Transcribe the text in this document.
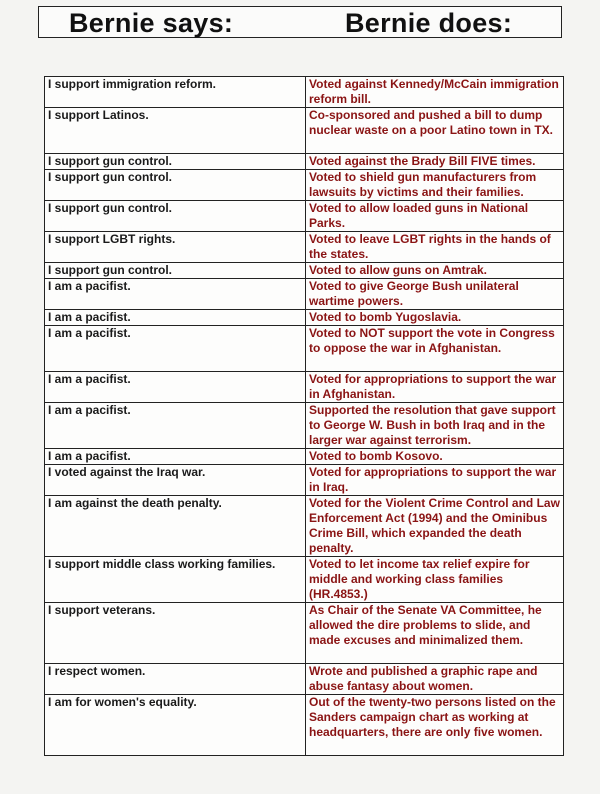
Bernie says:	Bernie does:
I support immigration reform.	Voted against Kennedy/McCain immigration reform bill.
I support Latinos.	Co-sponsored and pushed a bill to dump nuclear waste on a poor Latino town in TX.
I support gun control.	Voted against the Brady Bill FIVE times.
I support gun control.	Voted to shield gun manufacturers from lawsuits by victims and their families.
I support gun control.	Voted to allow loaded guns in National Parks.
I support LGBT rights.	Voted to leave LGBT rights in the hands of the states.
I support gun control.	Voted to allow guns on Amtrak.
I am a pacifist.	Voted to give George Bush unilateral wartime powers.
I am a pacifist.	Voted to bomb Yugoslavia.
I am a pacifist.	Voted to NOT support the vote in Congress to oppose the war in Afghanistan.
I am a pacifist.	Voted for appropriations to support the war in Afghanistan.
I am a pacifist.	Supported the resolution that gave support to George W. Bush in both Iraq and in the larger war against terrorism.
I am a pacifist.	Voted to bomb Kosovo.
I voted against the Iraq war.	Voted for appropriations to support the war in Iraq.
I am against the death penalty.	Voted for the Violent Crime Control and Law Enforcement Act (1994) and the Ominibus Crime Bill, which expanded the death penalty.
I support middle class working families.	Voted to let income tax relief expire for middle and working class families (HR.4853.)
I support veterans.	As Chair of the Senate VA Committee, he allowed the dire problems to slide, and made excuses and minimalized them.
I respect women.	Wrote and published a graphic rape and abuse fantasy about women.
I am for women's equality.	Out of the twenty-two persons listed on the Sanders campaign chart as working at headquarters, there are only five women.
